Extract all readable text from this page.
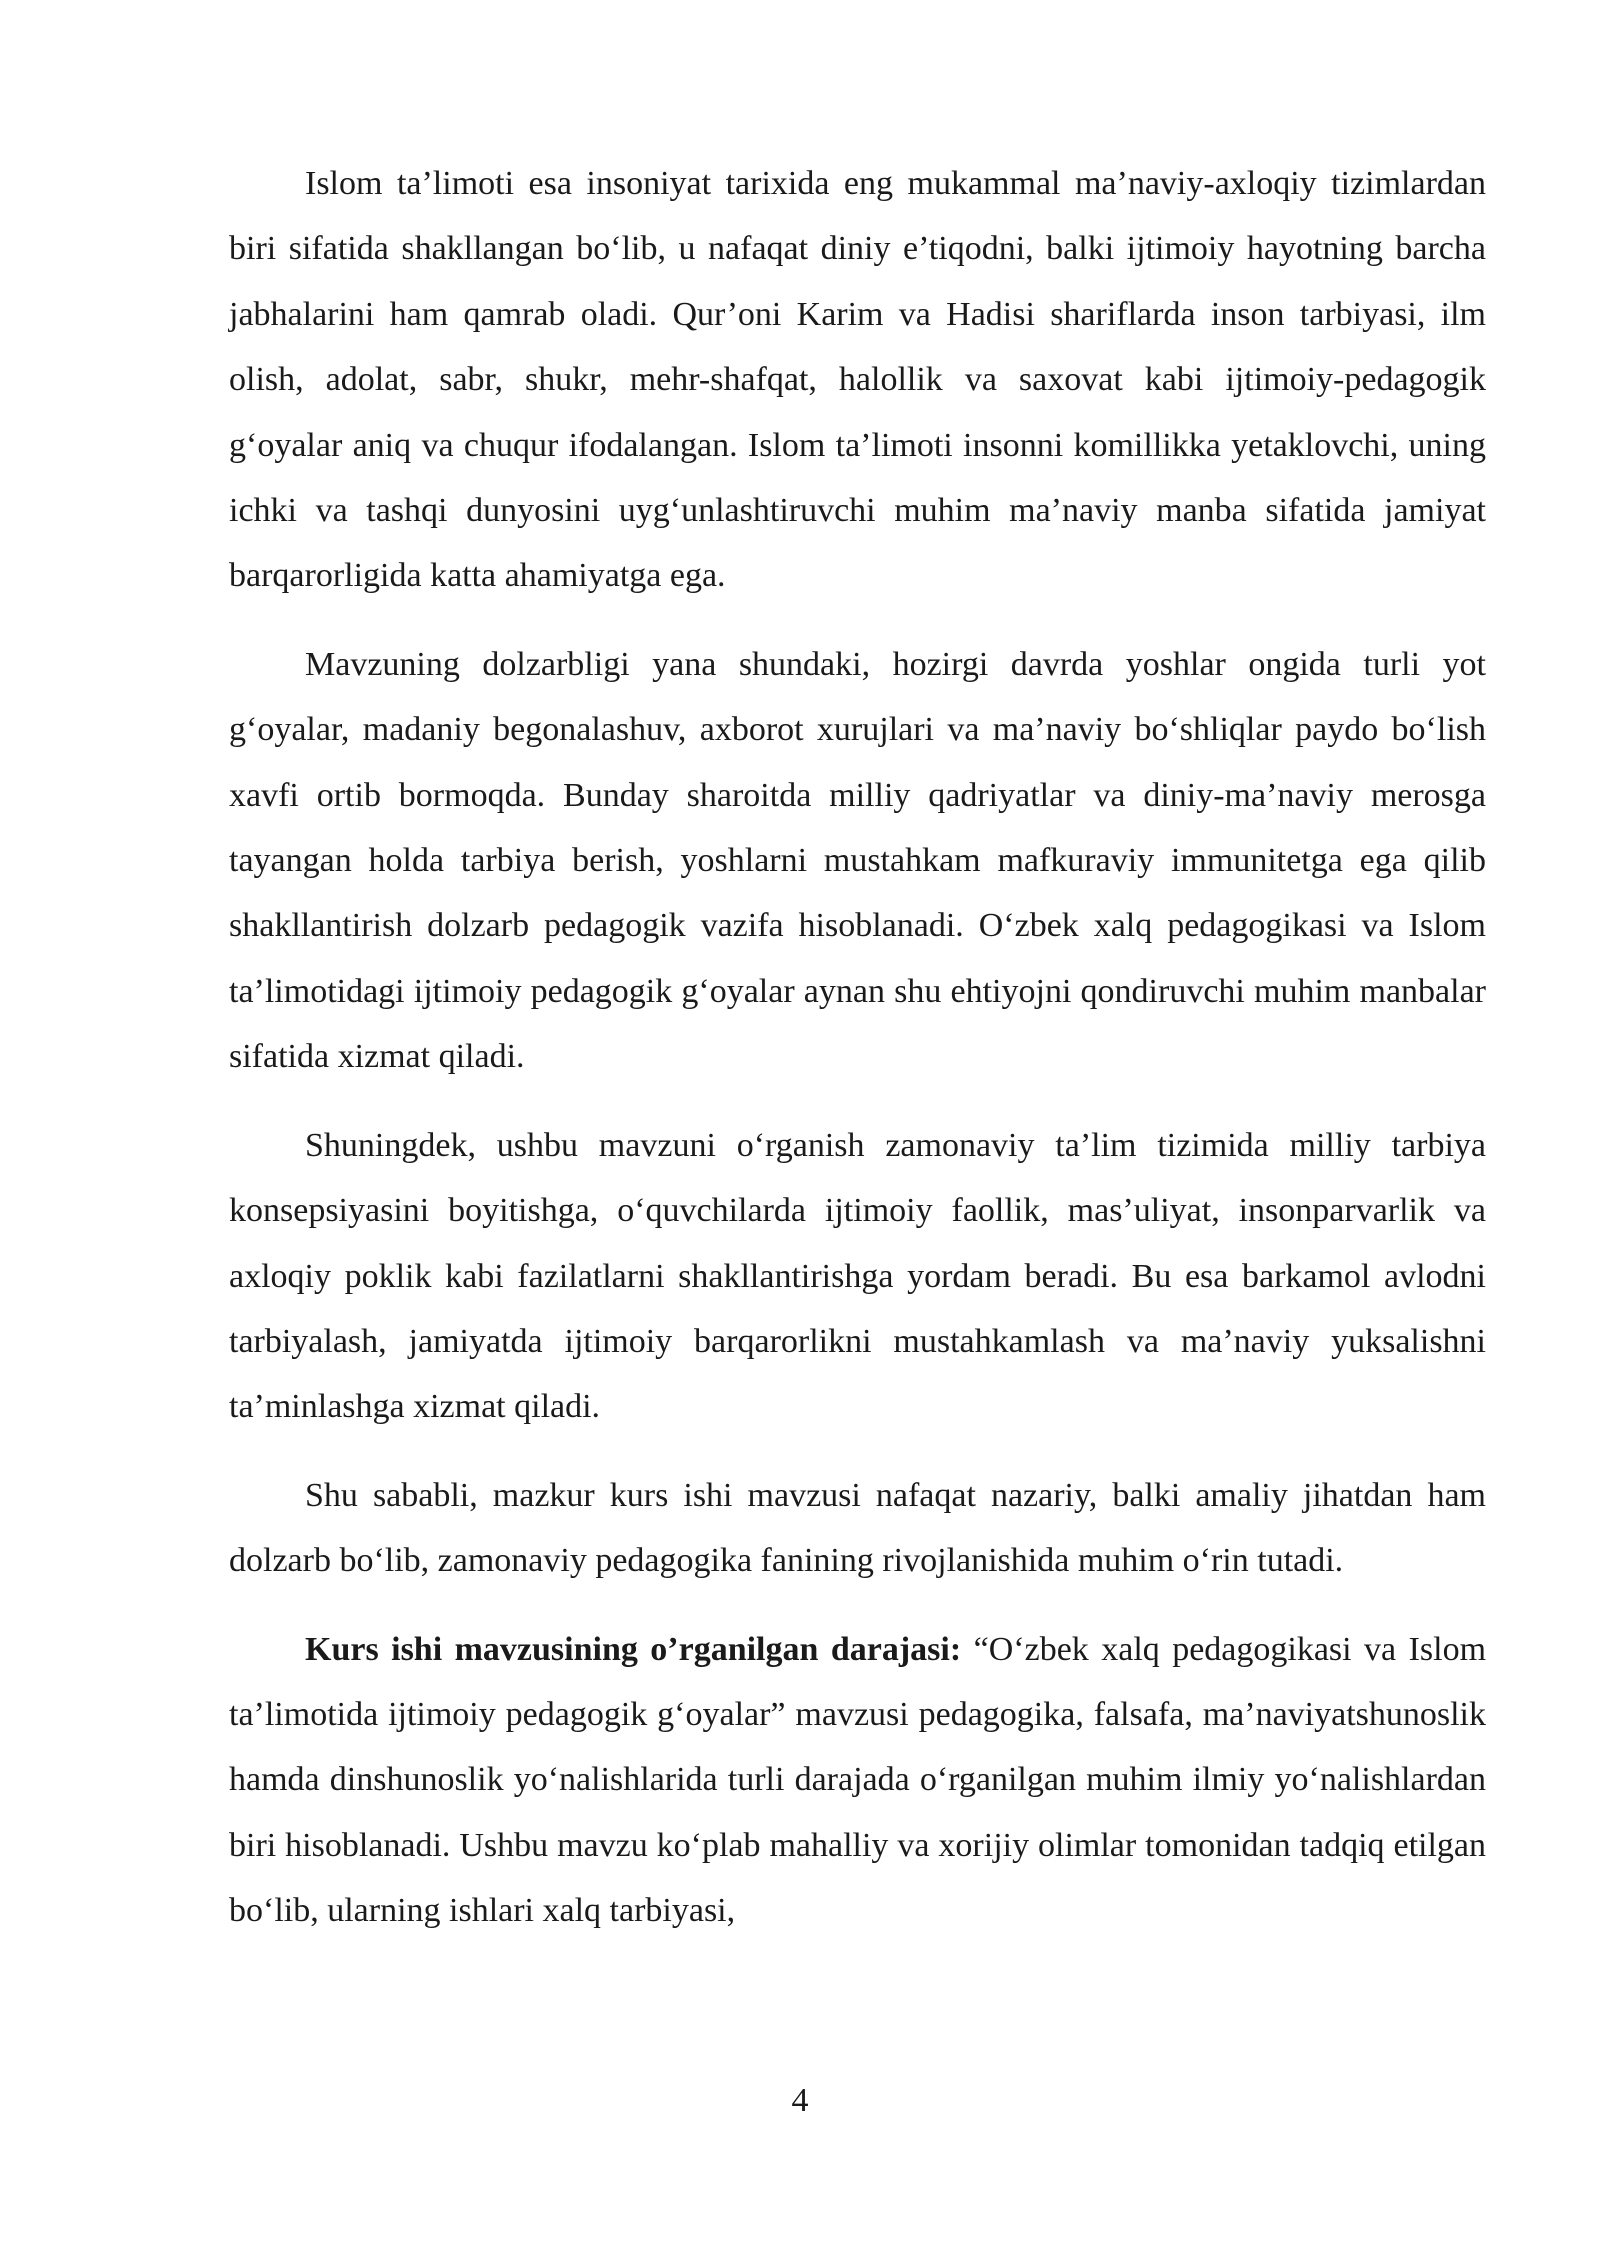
Islom ta’limoti esa insoniyat tarixida eng mukammal ma’naviy-axloqiy tizimlardan biri sifatida shakllangan bo‘lib, u nafaqat diniy e’tiqodni, balki ijtimoiy hayotning barcha jabhalarini ham qamrab oladi. Qur’oni Karim va Hadisi shariflarda inson tarbiyasi, ilm olish, adolat, sabr, shukr, mehr-shafqat, halollik va saxovat kabi ijtimoiy-pedagogik g‘oyalar aniq va chuqur ifodalangan. Islom ta’limoti insonni komillikka yetaklovchi, uning ichki va tashqi dunyosini uyg‘unlashtiruvchi muhim ma’naviy manba sifatida jamiyat barqarorligida katta ahamiyatga ega.

Mavzuning dolzarbligi yana shundaki, hozirgi davrda yoshlar ongida turli yot g‘oyalar, madaniy begonalashuv, axborot xurujlari va ma’naviy bo‘shliqlar paydo bo‘lish xavfi ortib bormoqda. Bunday sharoitda milliy qadriyatlar va diniy-ma’naviy merosga tayangan holda tarbiya berish, yoshlarni mustahkam mafkuraviy immunitetga ega qilib shakllantirish dolzarb pedagogik vazifa hisoblanadi. O‘zbek xalq pedagogikasi va Islom ta’limotidagi ijtimoiy pedagogik g‘oyalar aynan shu ehtiyojni qondiruvchi muhim manbalar sifatida xizmat qiladi.

Shuningdek, ushbu mavzuni o‘rganish zamonaviy ta’lim tizimida milliy tarbiya konsepsiyasini boyitishga, o‘quvchilarda ijtimoiy faollik, mas’uliyat, insonparvarlik va axloqiy poklik kabi fazilatlarni shakllantirishga yordam beradi. Bu esa barkamol avlodni tarbiyalash, jamiyatda ijtimoiy barqarorlikni mustahkamlash va ma’naviy yuksalishni ta’minlashga xizmat qiladi.

Shu sababli, mazkur kurs ishi mavzusi nafaqat nazariy, balki amaliy jihatdan ham dolzarb bo‘lib, zamonaviy pedagogika fanining rivojlanishida muhim o‘rin tutadi.

Kurs ishi mavzusining o’rganilgan darajasi: “O‘zbek xalq pedagogikasi va Islom ta’limotida ijtimoiy pedagogik g‘oyalar” mavzusi pedagogika, falsafa, ma’naviyatshunoslik hamda dinshunoslik yo‘nalishlarida turli darajada o‘rganilgan muhim ilmiy yo‘nalishlardan biri hisoblanadi. Ushbu mavzu ko‘plab mahalliy va xorijiy olimlar tomonidan tadqiq etilgan bo‘lib, ularning ishlari xalq tarbiyasi,

4
